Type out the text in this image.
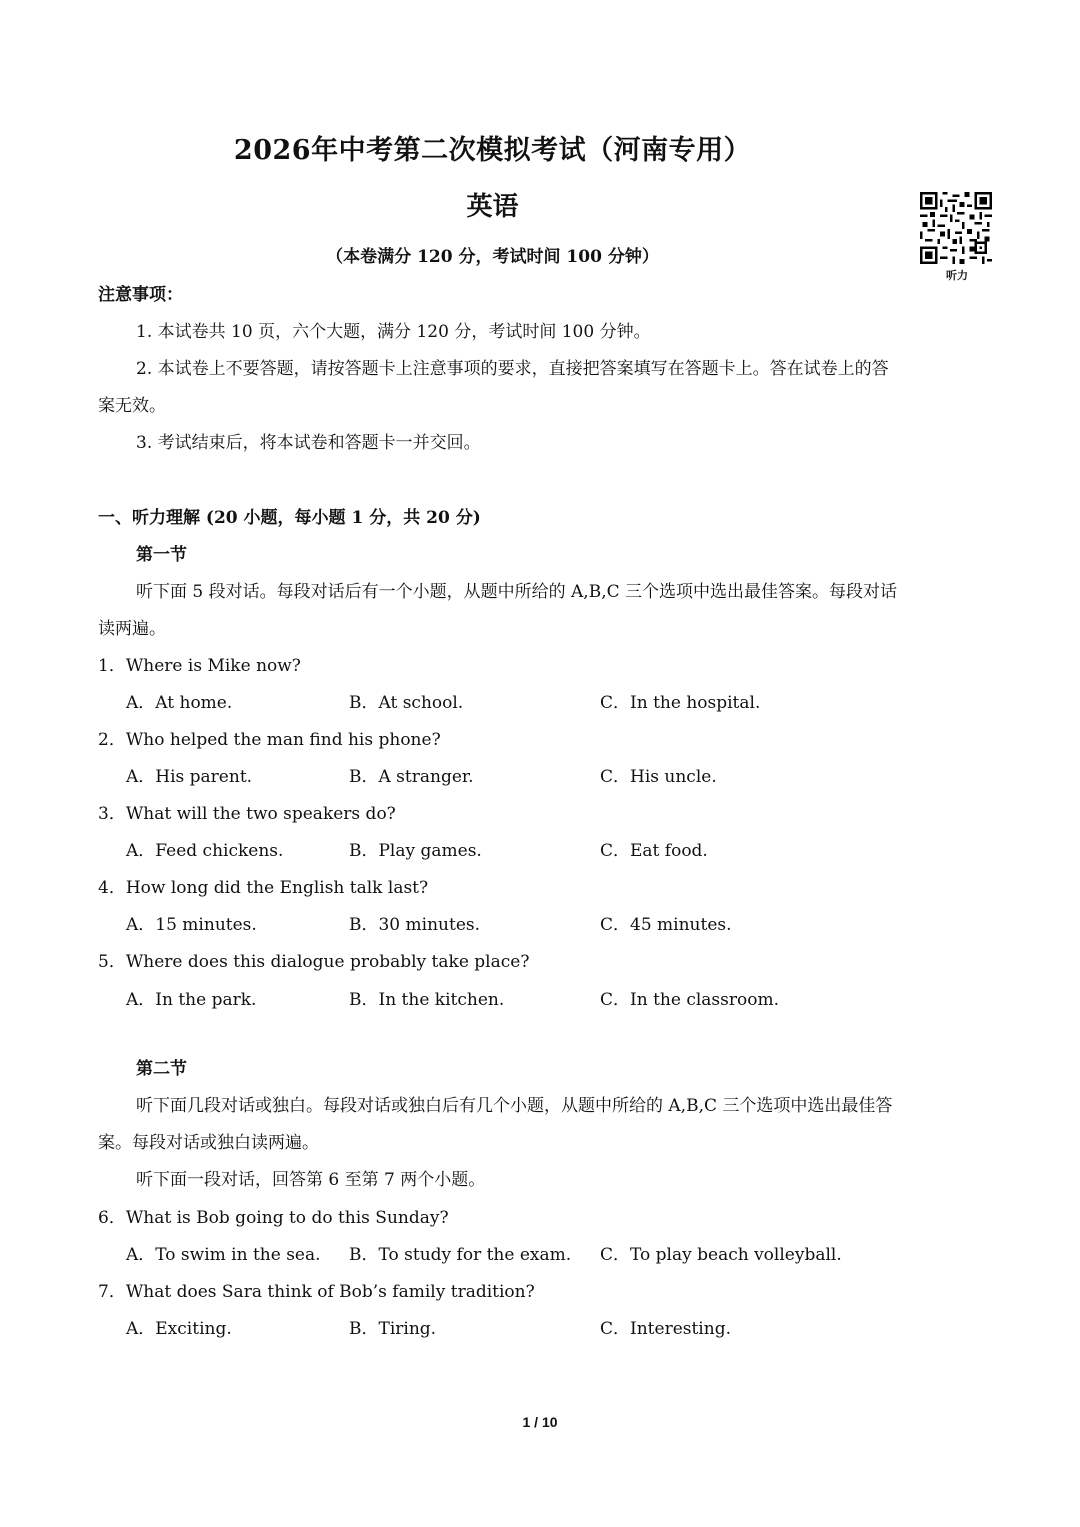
2026年中考第二次模拟考试（河南专用）
英语
（本卷满分 120 分，考试时间 100 分钟）
听力
注意事项：
1. 本试卷共 10 页，六个大题，满分 120 分，考试时间 100 分钟。
2. 本试卷上不要答题，请按答题卡上注意事项的要求，直接把答案填写在答题卡上。答在试卷上的答
案无效。
3. 考试结束后，将本试卷和答题卡一并交回。
一、听力理解 (20 小题，每小题 1 分，共 20 分)
第一节
听下面 5 段对话。每段对话后有一个小题，从题中所给的 A,B,C 三个选项中选出最佳答案。每段对话
读两遍。
1．Where is Mike now?
A．At home.	B．At school.	C．In the hospital.
2．Who helped the man find his phone?
A．His parent.	B．A stranger.	C．His uncle.
3．What will the two speakers do?
A．Feed chickens.	B．Play games.	C．Eat food.
4．How long did the English talk last?
A．15 minutes.	B．30 minutes.	C．45 minutes.
5．Where does this dialogue probably take place?
A．In the park.	B．In the kitchen.	C．In the classroom.
第二节
听下面几段对话或独白。每段对话或独白后有几个小题，从题中所给的 A,B,C 三个选项中选出最佳答
案。每段对话或独白读两遍。
听下面一段对话，回答第 6 至第 7 两个小题。
6．What is Bob going to do this Sunday?
A．To swim in the sea. B．To study for the exam. C．To play beach volleyball.
7．What does Sara think of Bob’s family tradition?
A．Exciting.	B．Tiring.	C．Interesting.
1 / 10
